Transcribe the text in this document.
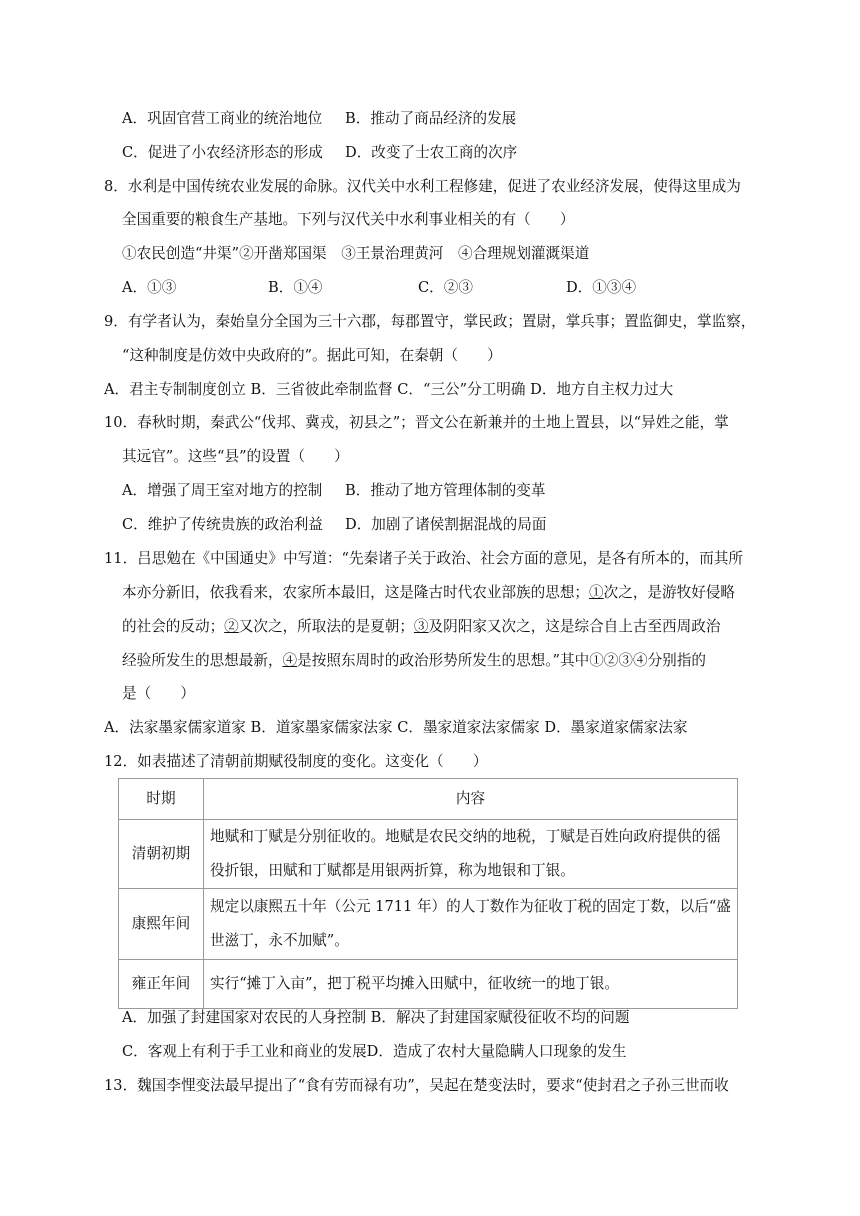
A．巩固官营工商业的统治地位 B．推动了商品经济的发展
C．促进了小农经济形态的形成 D．改变了士农工商的次序
8．水利是中国传统农业发展的命脉。汉代关中水利工程修建，促进了农业经济发展，使得这里成为
全国重要的粮食生产基地。下列与汉代关中水利事业相关的有（　　）
①农民创造“井渠”②开凿郑国渠　③王景治理黄河　④合理规划灌溉渠道
A．①③	B．①④	C．②③	D．①③④
9．有学者认为，秦始皇分全国为三十六郡，每郡置守，掌民政；置尉，掌兵事；置监御史，掌监察，
“这种制度是仿效中央政府的”。据此可知，在秦朝（　　）
A．君主专制制度创立 B．三省彼此牵制监督 C．“三公”分工明确 D．地方自主权力过大
10．春秋时期，秦武公“伐邦、冀戎，初县之”；晋文公在新兼并的土地上置县，以“异姓之能，掌
其远官”。这些“县”的设置（　　）
A．增强了周王室对地方的控制 B．推动了地方管理体制的变革
C．维护了传统贵族的政治利益 D．加剧了诸侯割据混战的局面
11．吕思勉在《中国通史》中写道：“先秦诸子关于政治、社会方面的意见，是各有所本的，而其所
本亦分新旧，依我看来，农家所本最旧，这是隆古时代农业部族的思想；①次之，是游牧好侵略
的社会的反动；②又次之，所取法的是夏朝；③及阴阳家又次之，这是综合自上古至西周政治
经验所发生的思想最新，④是按照东周时的政治形势所发生的思想。”其中①②③④分别指的
是（　　）
A．法家墨家儒家道家 B．道家墨家儒家法家 C．墨家道家法家儒家 D．墨家道家儒家法家
12．如表描述了清朝前期赋役制度的变化。这变化（　　）
时期	内容
清朝初期	地赋和丁赋是分别征收的。地赋是农民交纳的地税，丁赋是百姓向政府提供的徭役折银，田赋和丁赋都是用银两折算，称为地银和丁银。
康熙年间	规定以康熙五十年（公元 1711 年）的人丁数作为征收丁税的固定丁数，以后“盛世滋丁，永不加赋”。
雍正年间	实行“摊丁入亩”，把丁税平均摊入田赋中，征收统一的地丁银。
A．加强了封建国家对农民的人身控制 B．解决了封建国家赋役征收不均的问题
C．客观上有利于手工业和商业的发展D．造成了农村大量隐瞒人口现象的发生
13．魏国李悝变法最早提出了“食有劳而禄有功”，吴起在楚变法时，要求“使封君之子孙三世而收
